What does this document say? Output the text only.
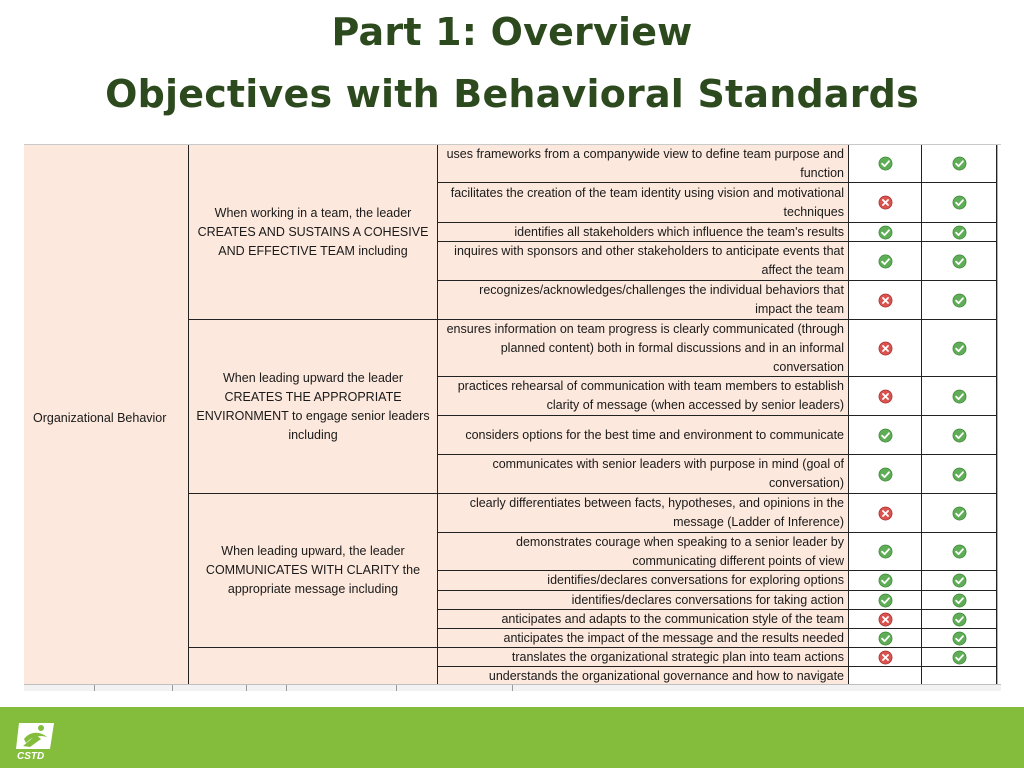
Part 1: Overview
Objectives with Behavioral Standards
Organizational Behavior
When working in a team, the leader CREATES AND SUSTAINS A COHESIVE AND EFFECTIVE TEAM including
When leading upward the leader CREATES THE APPROPRIATE ENVIRONMENT to engage senior leaders including
When leading upward, the leader COMMUNICATES WITH CLARITY the appropriate message including
uses frameworks from a companywide view to define team purpose and function
facilitates the creation of the team identity using vision and motivational techniques
identifies all stakeholders which influence the team's results
inquires with sponsors and other stakeholders to anticipate events that affect the team
recognizes/acknowledges/challenges the individual behaviors that impact the team
ensures information on team progress is clearly communicated (through planned content) both in formal discussions and in an informal conversation
practices rehearsal of communication with team members to establish clarity of message (when accessed by senior leaders)
considers options for the best time and environment to communicate
communicates with senior leaders with purpose in mind (goal of conversation)
clearly differentiates between facts, hypotheses, and opinions in the message (Ladder of Inference)
demonstrates courage when speaking to a senior leader by communicating different points of view
identifies/declares conversations for exploring options
identifies/declares conversations for taking action
anticipates and adapts to the communication style of the team
anticipates the impact of the message and the results needed
translates the organizational strategic plan into team actions
understands the organizational governance and how to navigate
CSTD
